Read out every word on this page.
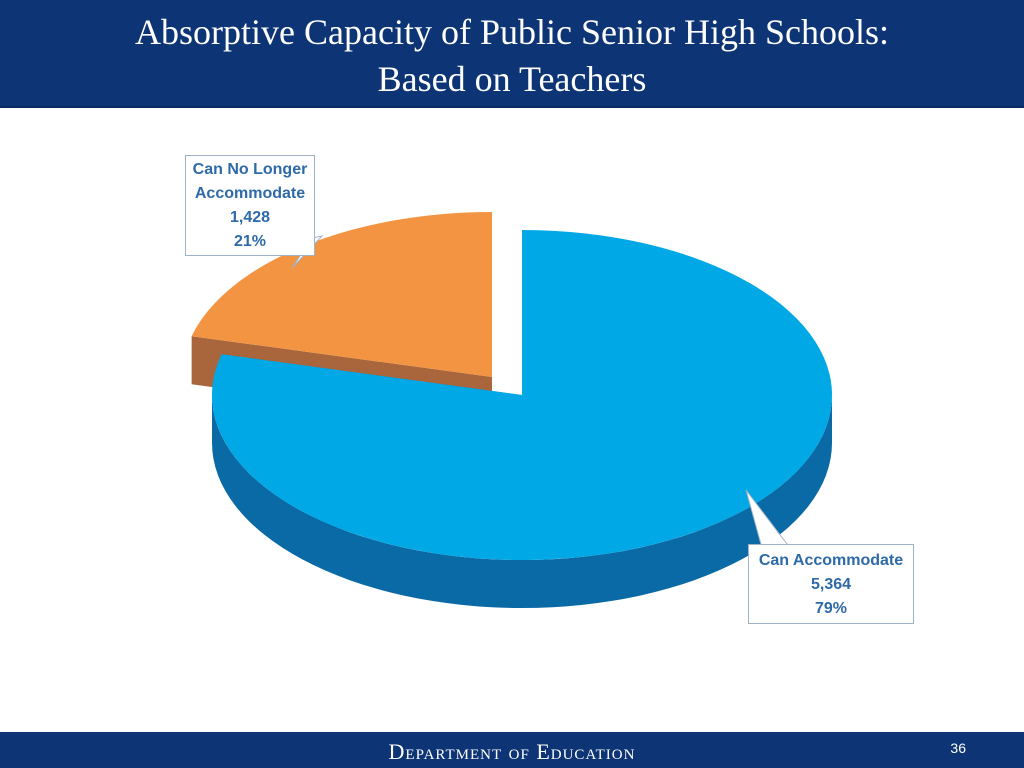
Absorptive Capacity of Public Senior High Schools:
Based on Teachers
Can No Longer
Accommodate
1,428
21%
Can Accommodate
5,364
79%
Department of Education	36
